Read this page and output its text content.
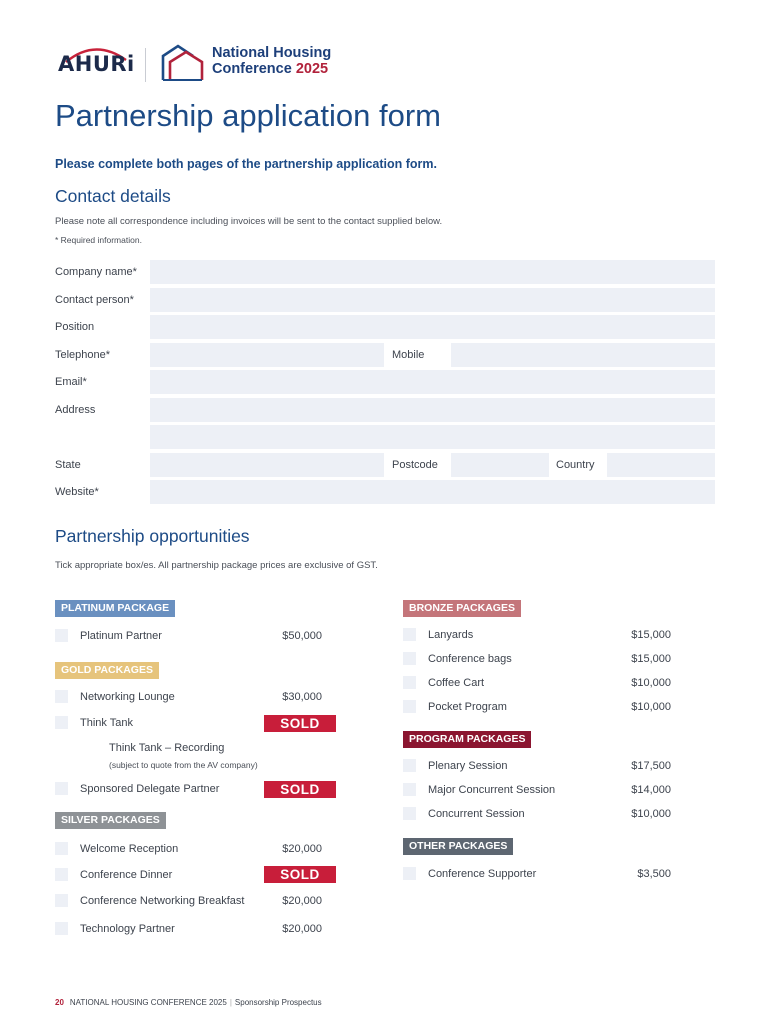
AHURi	National Housing
Conference 2025
Partnership application form
Please complete both pages of the partnership application form.
Contact details
Please note all correspondence including invoices will be sent to the contact supplied below.
* Required information.
Company name*
Contact person*
Position
Telephone*	Mobile
Email*
Address
State	Postcode	Country
Website*
Partnership opportunities
Tick appropriate box/es. All partnership package prices are exclusive of GST.
PLATINUM PACKAGE
Platinum Partner	$50,000
GOLD PACKAGES
Networking Lounge	$30,000
Think Tank	SOLD
Think Tank – Recording
(subject to quote from the AV company)
Sponsored Delegate Partner	SOLD
SILVER PACKAGES
Welcome Reception	$20,000
Conference Dinner	SOLD
Conference Networking Breakfast	$20,000
Technology Partner	$20,000
BRONZE PACKAGES
Lanyards	$15,000
Conference bags	$15,000
Coffee Cart	$10,000
Pocket Program	$10,000
PROGRAM PACKAGES
Plenary Session	$17,500
Major Concurrent Session	$14,000
Concurrent Session	$10,000
OTHER PACKAGES
Conference Supporter	$3,500
20 NATIONAL HOUSING CONFERENCE 2025 | Sponsorship Prospectus
